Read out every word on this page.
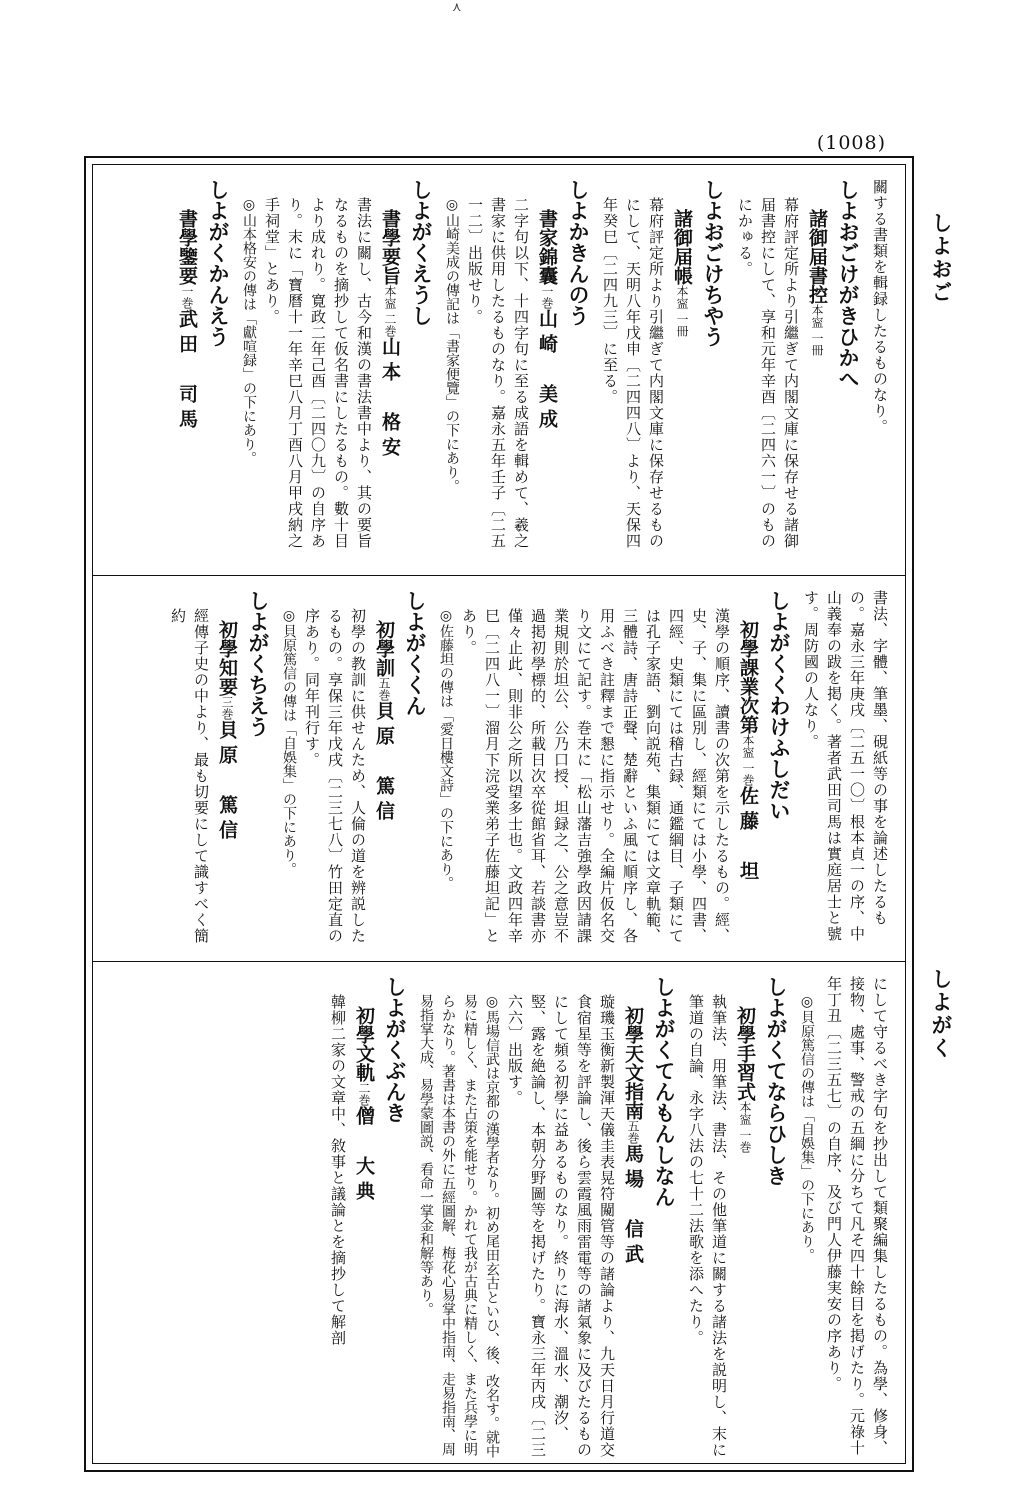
⋏
(1008)
しよおご
しよがく
關する書類を輯録したるものなり。
しよおごけがきひかへ
諸御届書控本寍 一冊
幕府評定所より引繼ぎて内閣文庫に保存せる諸御届書控にして、享和元年辛酉〔二四六一〕のものにかゅる。
しよおごけちやう
諸御届帳本寍 一冊
幕府評定所より引繼ぎて内閣文庫に保存せるものにして、天明八年戊申〔二四四八〕より、天保四年癸巳〔二四九三〕に至る。
しよかきんのう
書家錦囊一巻山崎　美成
二字句以下、十四字句に至る成語を輯めて、羲之書家に供用したるものなり。嘉永五年壬子〔二五一二〕出版せり。
◎山崎美成の傳記は「書家便覽」の下にあり。
しよがくえうし
書學要旨本寍 二巻山本　格安
書法に關し、古今和漢の書法書中より、其の要旨なるものを摘抄して仮名書にしたるもの。數十目より成れり。寛政二年己酉〔二四〇九〕の自序あり。末に「寶曆十一年辛巳八月丁酉八月甲戌納之手祠堂」とあり。
◎山本格安の傳は「獻喧録」の下にあり。
しよがくかんえう
書學鑒要一巻武田　司馬
書法、字體、筆墨、硯紙等の事を論述したるもの。嘉永三年庚戌〔二五一〇〕根本貞一の序、中山義奉の跋を掲く。著者武田司馬は實庭居士と號す。周防國の人なり。
しよがくくわけふしだい
初學課業次第本寍 一巻佐藤　坦
漢學の順序、讀書の次第を示したるもの。經、史、子、集に區別し、經類にては小學、四書、四經、史類にては稽古録、通鑑綱目、子類にては孔子家語、劉向説苑、集類にては文章軌範、三體詩、唐詩正聲、楚辭といふ風に順序し、各用ふべき註釋まで懇に指示せり。全編片仮名交り文にて記す。巻末に「松山藩吉強學政因請課業規則於坦公、公乃口授、坦録之、公之意豈不過掲初學標的、所載日次卒從館省耳、若談書亦僅々止此、則非公之所以望多士也。文政四年辛巳〔二四八一〕溜月下浣受業弟子佐藤坦記」とあり。
◎佐藤坦の傳は「愛日樓文詩」の下にあり。
しよがくくん
初學訓五巻貝原　篤信
初學の教訓に供せんため、人倫の道を辨説したるもの。享保三年戊戌〔二三七八〕竹田定直の序あり。同年刊行す。
◎貝原篤信の傳は「自娛集」の下にあり。
しよがくちえう
初學知要三巻貝原　篤信
經傳子史の中より、最も切要にして識すべく簡約
にして守るべき字句を抄出して類聚編集したるもの。為學、修身、接物、處事、警戒の五綱に分ちて凡そ四十餘目を掲げたり。元祿十年丁丑〔二三五七〕の自序、及び門人伊藤実安の序あり。
◎貝原篤信の傳は「自娛集」の下にあり。
しよがくてならひしき
初學手習式本寍 一巻
執筆法、用筆法、書法、その他筆道に關する諸法を説明し、末に筆道の自論、永字八法の七十二法歌を添へたり。
しよがくてんもんしなん
初學天文指南五巻馬場　信武
璇璣玉衡新製渾天儀圭表晃符闚管等の諸論より、九天日月行道交食宿星等を評論し、後ら雲霞風雨雷電等の諸氣象に及びたるものにして頻る初學に益あるものなり。終りに海水、溫水、潮汐、竪、露を絶論し、本朝分野圖等を掲げたり。寶永三年丙戌〔二三六六〕出版す。
◎馬場信武は京都の漢學者なり。初め尾田玄古といひ、後、改名す。就中易に精しく、また占策を能せり。かれて我が古典に精しく、また兵學に明らかなり。著書は本書の外に五經圖解、梅花心易掌中指南、走易指南、周易指掌大成、易學蒙圖説、看命一掌金和解等あり。
しよがくぶんき
初學文軌二巻僧　大典
韓柳二家の文章中、敘事と議論とを摘抄して解剖
